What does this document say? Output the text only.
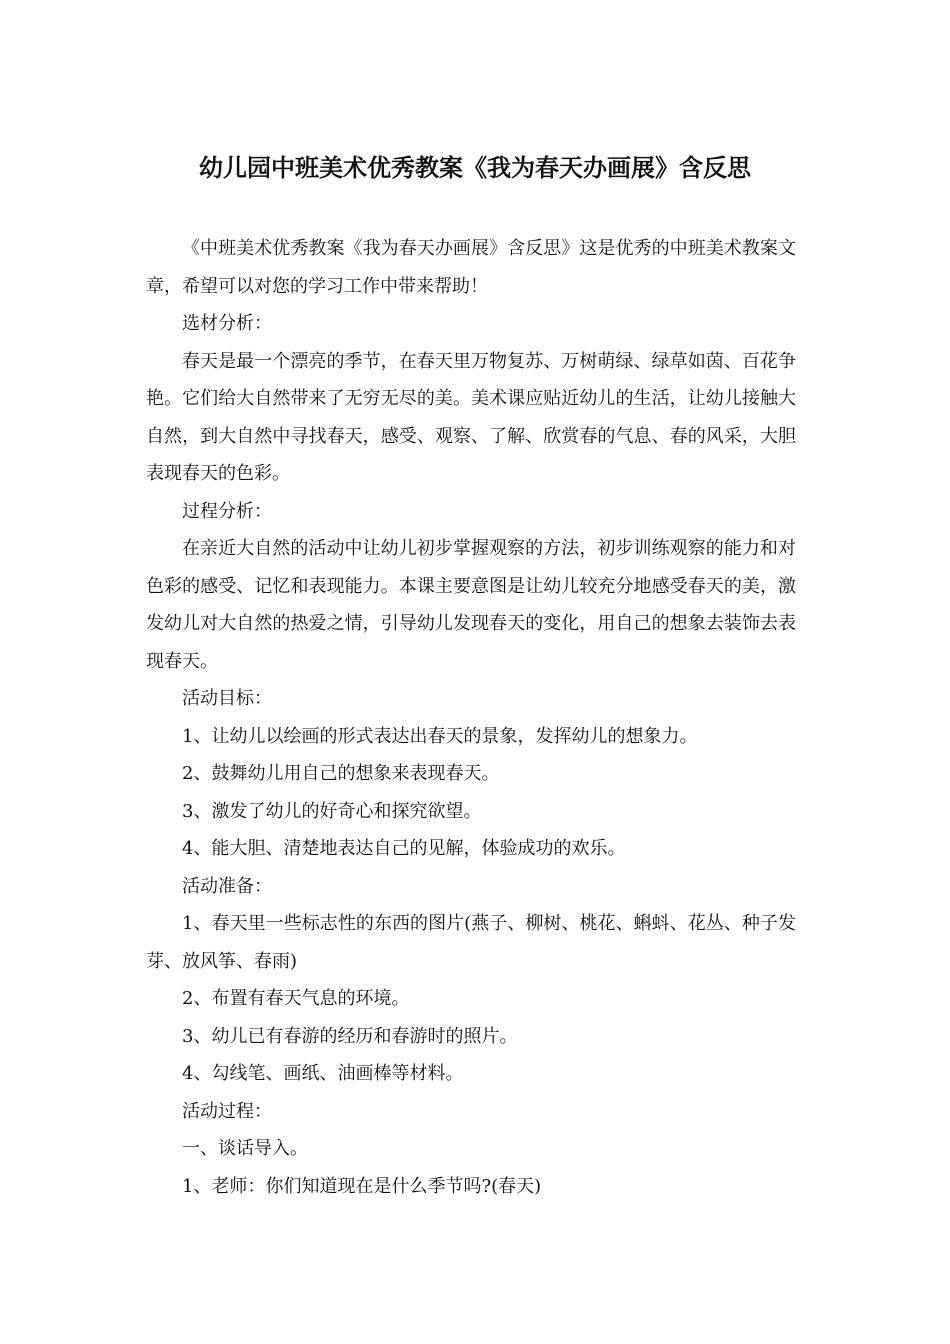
幼儿园中班美术优秀教案《我为春天办画展》含反思

《中班美术优秀教案《我为春天办画展》含反思》这是优秀的中班美术教案文章，希望可以对您的学习工作中带来帮助！

选材分析：

春天是最一个漂亮的季节，在春天里万物复苏、万树萌绿、绿草如茵、百花争艳。它们给大自然带来了无穷无尽的美。美术课应贴近幼儿的生活，让幼儿接触大自然，到大自然中寻找春天，感受、观察、了解、欣赏春的气息、春的风采，大胆表现春天的色彩。

过程分析：

在亲近大自然的活动中让幼儿初步掌握观察的方法，初步训练观察的能力和对色彩的感受、记忆和表现能力。本课主要意图是让幼儿较充分地感受春天的美，激发幼儿对大自然的热爱之情，引导幼儿发现春天的变化，用自己的想象去装饰去表现春天。

活动目标：

1、让幼儿以绘画的形式表达出春天的景象，发挥幼儿的想象力。

2、鼓舞幼儿用自己的想象来表现春天。

3、激发了幼儿的好奇心和探究欲望。

4、能大胆、清楚地表达自己的见解，体验成功的欢乐。

活动准备：

1、春天里一些标志性的东西的图片(燕子、柳树、桃花、蝌蚪、花丛、种子发芽、放风筝、春雨)

2、布置有春天气息的环境。

3、幼儿已有春游的经历和春游时的照片。

4、勾线笔、画纸、油画棒等材料。

活动过程：

一、谈话导入。

1、老师：你们知道现在是什么季节吗?(春天)
